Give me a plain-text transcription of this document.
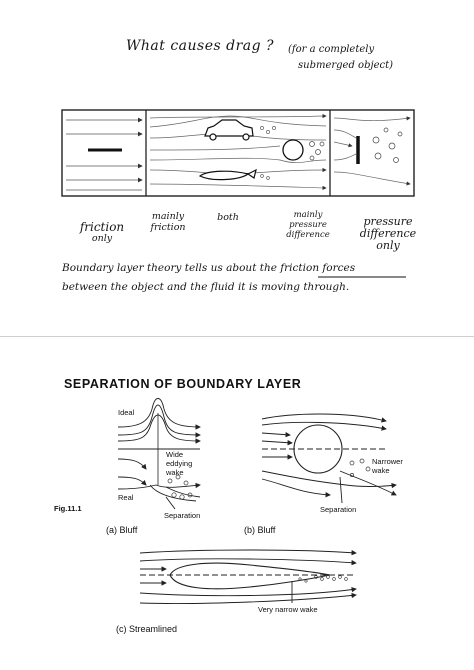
What causes drag ? (for a completely
submerged object)
friction
only
mainly
friction
both	mainly
pressure
difference
pressure
difference
only
Boundary layer theory tells us about the friction forces
between the object and the fluid it is moving through.
SEPARATION OF BOUNDARY LAYER
Ideal
Real
Wide
eddying
wake
Separation
(a) Bluff
Fig.11.1
Narrower
wake
Separation
(b) Bluff
Very narrow wake
(c) Streamlined
